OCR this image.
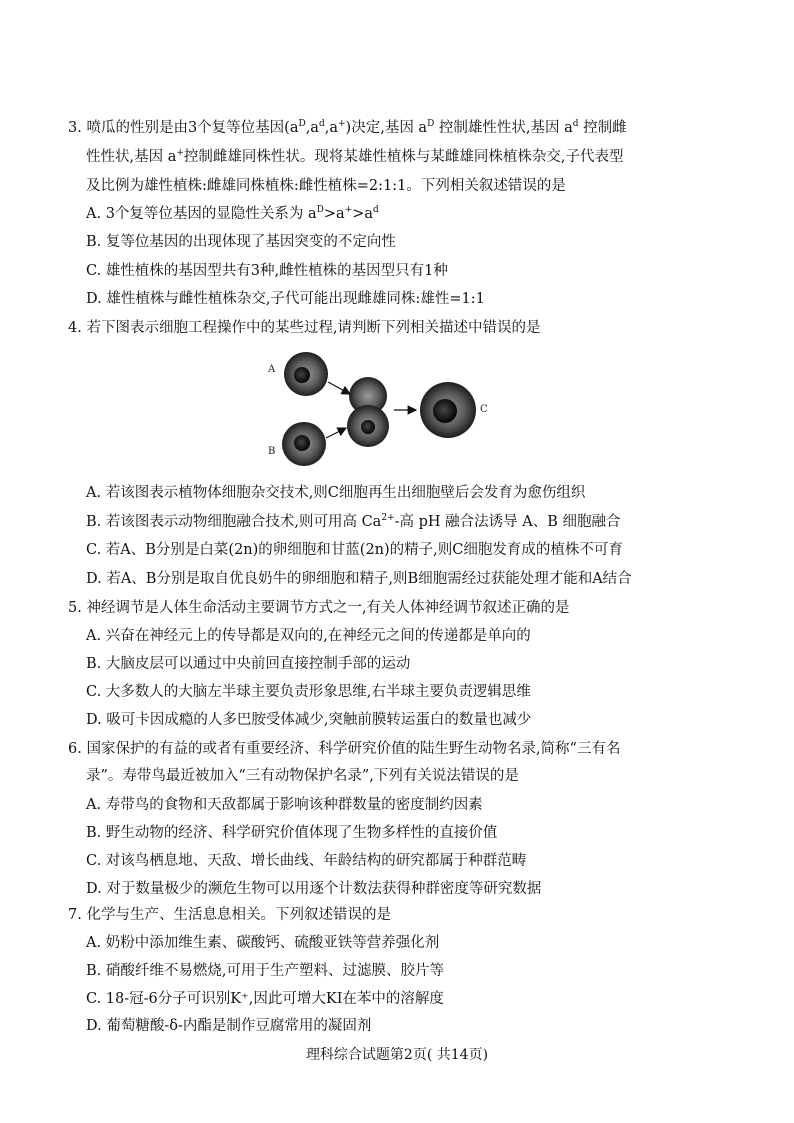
3. 喷瓜的性别是由3个复等位基因$(a^D,a^d,a^+)$决定,基因 $a^D$ 控制雄性性状,基因 $a^d$ 控制雌
性性状,基因 a+控制雌雄同株性状。现将某雄性植株与某雌雄同株植株杂交,子代表型
及比例为雄性植株:雌雄同株植株:雌性植株=2:1:1。下列相关叙述错误的是
A. 3个复等位基因的显隐性关系为 $a^D>a^+>a^d$
B. 复等位基因的出现体现了基因突变的不定向性
C. 雄性植株的基因型共有3种,雌性植株的基因型只有1种
D. 雄性植株与雌性植株杂交,子代可能出现雌雄同株:雄性=1:1
4. 若下图表示细胞工程操作中的某些过程,请判断下列相关描述中错误的是
A
B
C
A. 若该图表示植物体细胞杂交技术,则C细胞再生出细胞壁后会发育为愈伤组织
B. 若该图表示动物细胞融合技术,则可用高 $Ca^{2+}-$高 pH 融合法诱导 A、B 细胞融合
C. 若A、B分别是白菜(2n)的卵细胞和甘蓝(2n)的精子,则C细胞发育成的植株不可育
D. 若A、B分别是取自优良奶牛的卵细胞和精子,则B细胞需经过获能处理才能和A结合
5. 神经调节是人体生命活动主要调节方式之一,有关人体神经调节叙述正确的是
A. 兴奋在神经元上的传导都是双向的,在神经元之间的传递都是单向的
B. 大脑皮层可以通过中央前回直接控制手部的运动
C. 大多数人的大脑左半球主要负责形象思维,右半球主要负责逻辑思维
D. 吸可卡因成瘾的人多巴胺受体减少,突触前膜转运蛋白的数量也减少
6. 国家保护的有益的或者有重要经济、科学研究价值的陆生野生动物名录,简称“三有名
录”。寿带鸟最近被加入“三有动物保护名录”,下列有关说法错误的是
A. 寿带鸟的食物和天敌都属于影响该种群数量的密度制约因素
B. 野生动物的经济、科学研究价值体现了生物多样性的直接价值
C. 对该鸟栖息地、天敌、增长曲线、年龄结构的研究都属于种群范畴
D. 对于数量极少的濒危生物可以用逐个计数法获得种群密度等研究数据
7. 化学与生产、生活息息相关。下列叙述错误的是
A. 奶粉中添加维生素、碳酸钙、硫酸亚铁等营养强化剂
B. 硝酸纤维不易燃烧,可用于生产塑料、过滤膜、胶片等
C. 18-冠-6分子可识别K⁺,因此可增大KI在苯中的溶解度
D. 葡萄糖酸-δ-内酯是制作豆腐常用的凝固剂
理科综合试题第2页( 共14页)
